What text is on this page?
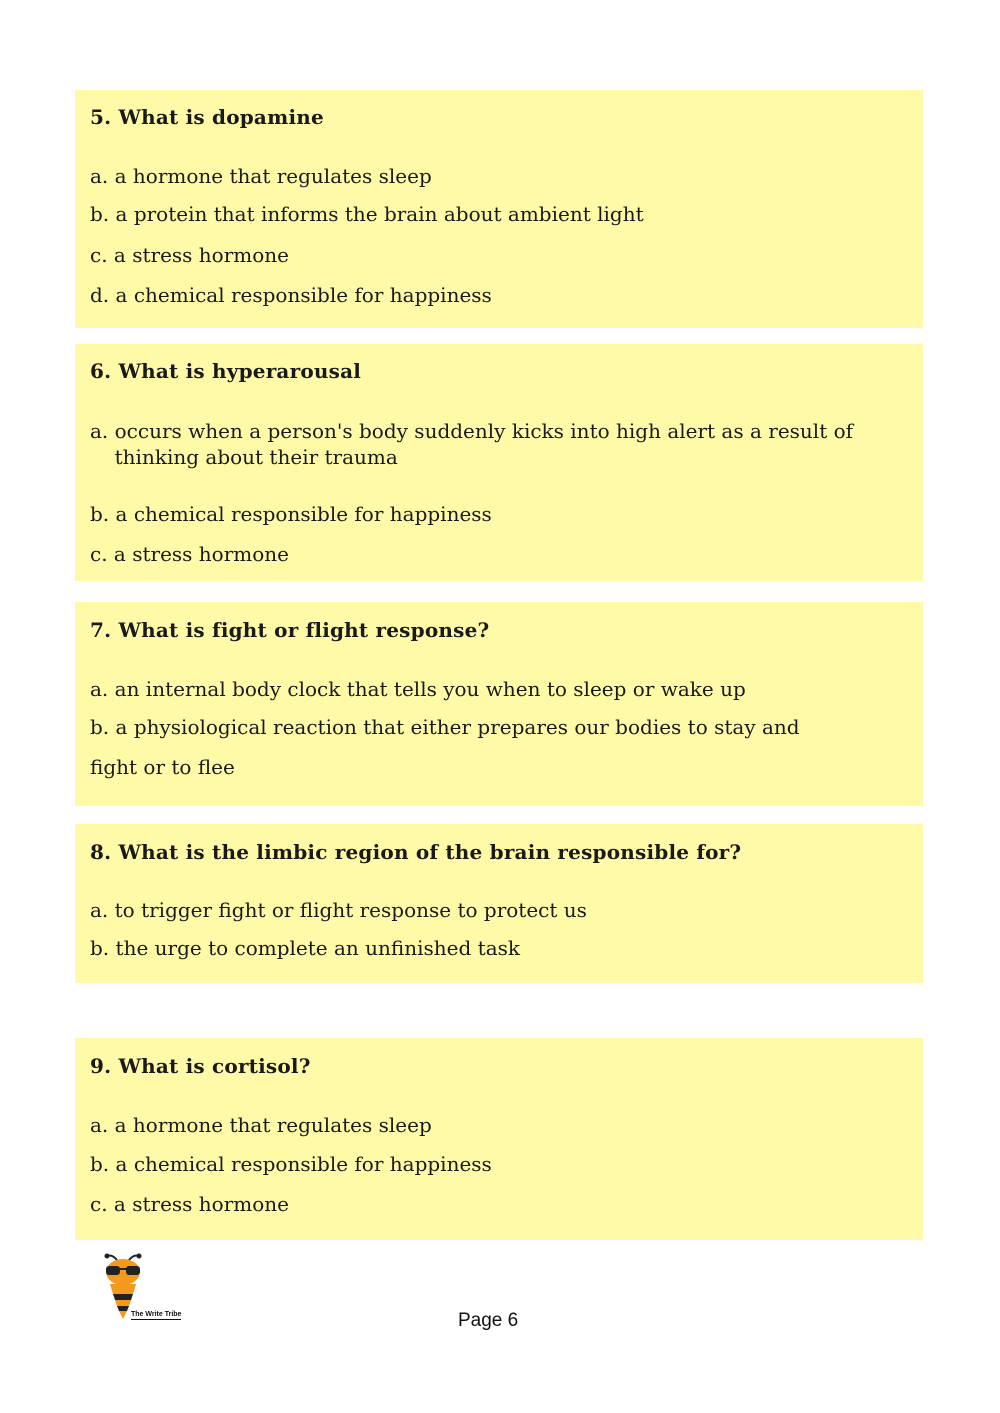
5. What is dopamine
a. a hormone that regulates sleep
b. a protein that informs the brain about ambient light
c. a stress hormone
d. a chemical responsible for happiness
6. What is hyperarousal
a.
occurs when a person's body suddenly kicks into high alert as a result of thinking about their trauma
b. a chemical responsible for happiness
c. a stress hormone
7. What is fight or flight response?
a. an internal body clock that tells you when to sleep or wake up
b. a physiological reaction that either prepares our bodies to stay and
fight or to flee
8. What is the limbic region of the brain responsible for?
a. to trigger fight or flight response to protect us
b. the urge to complete an unfinished task
9. What is cortisol?
a. a hormone that regulates sleep
b. a chemical responsible for happiness
c. a stress hormone
The Write Tribe	Page 6
